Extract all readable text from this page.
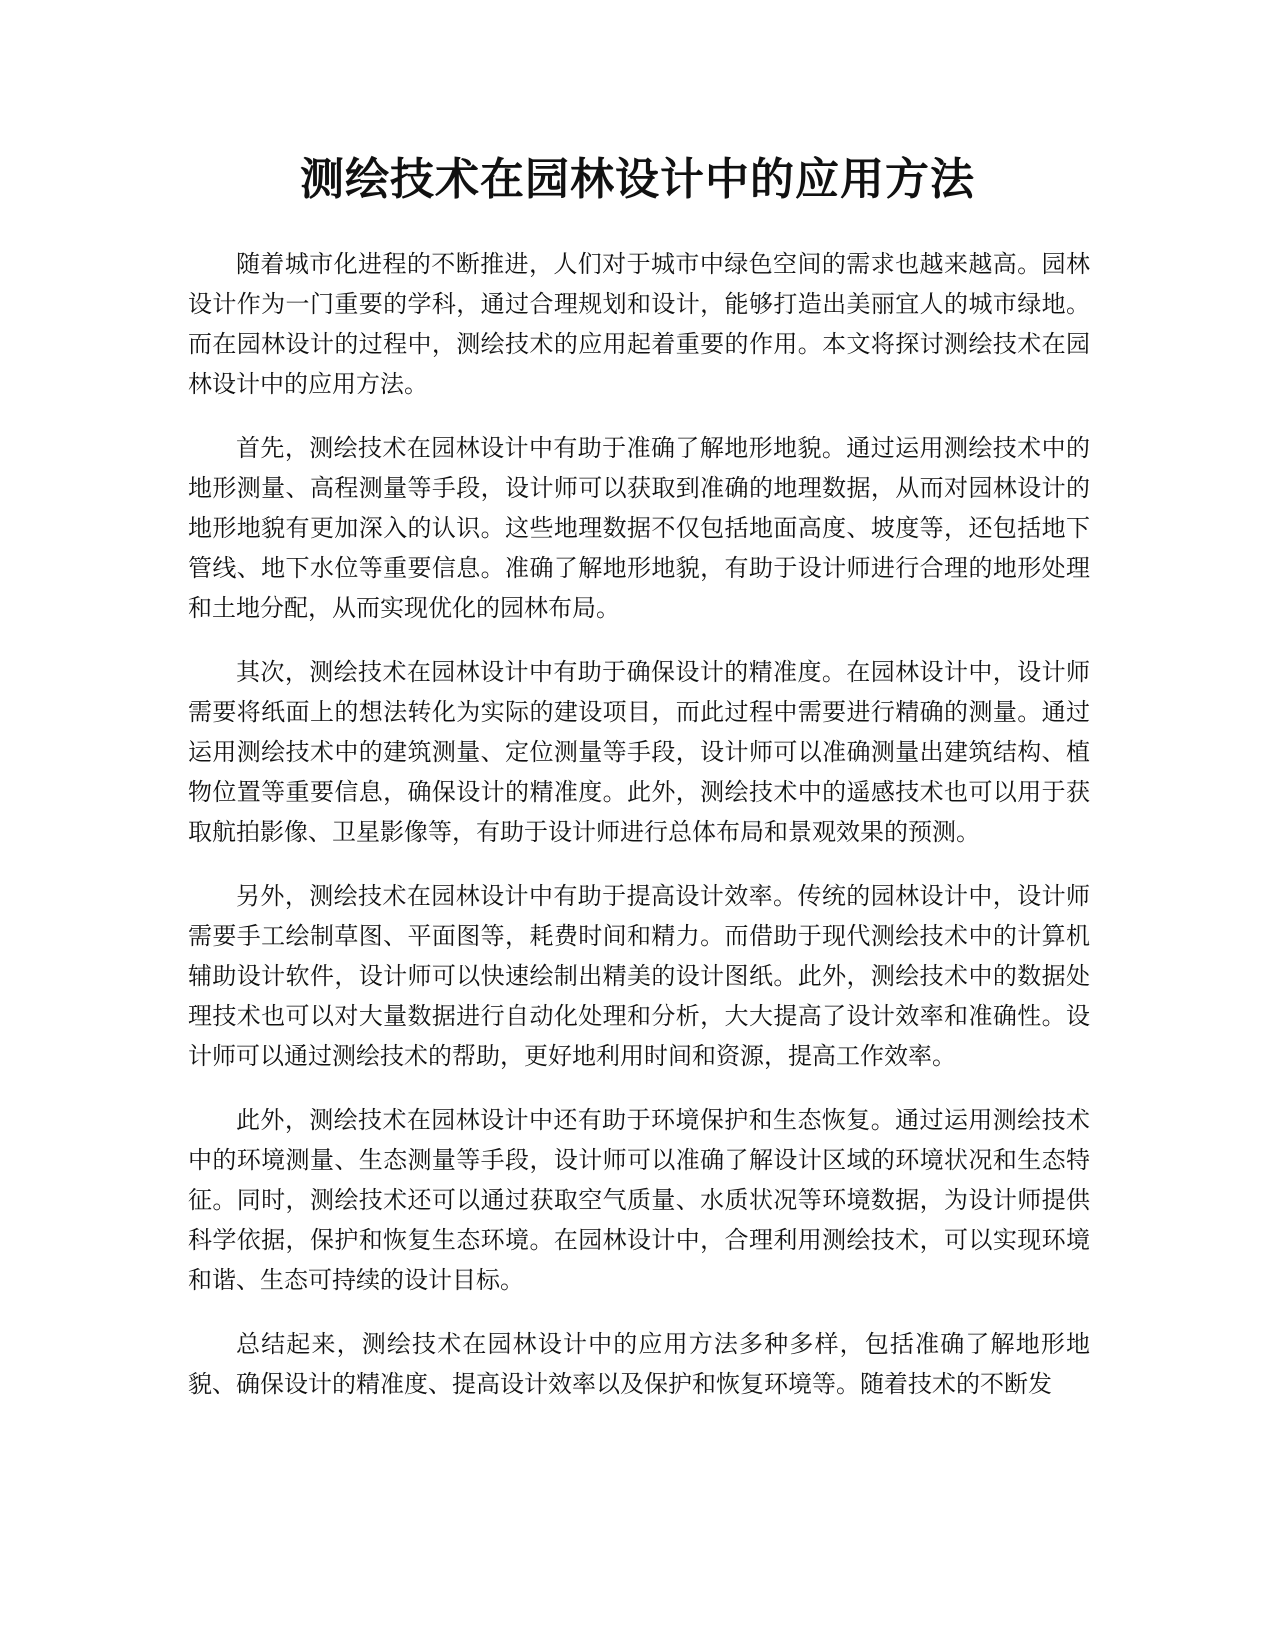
测绘技术在园林设计中的应用方法

随着城市化进程的不断推进，人们对于城市中绿色空间的需求也越来越高。园林设计作为一门重要的学科，通过合理规划和设计，能够打造出美丽宜人的城市绿地。而在园林设计的过程中，测绘技术的应用起着重要的作用。本文将探讨测绘技术在园林设计中的应用方法。

首先，测绘技术在园林设计中有助于准确了解地形地貌。通过运用测绘技术中的地形测量、高程测量等手段，设计师可以获取到准确的地理数据，从而对园林设计的地形地貌有更加深入的认识。这些地理数据不仅包括地面高度、坡度等，还包括地下管线、地下水位等重要信息。准确了解地形地貌，有助于设计师进行合理的地形处理和土地分配，从而实现优化的园林布局。

其次，测绘技术在园林设计中有助于确保设计的精准度。在园林设计中，设计师需要将纸面上的想法转化为实际的建设项目，而此过程中需要进行精确的测量。通过运用测绘技术中的建筑测量、定位测量等手段，设计师可以准确测量出建筑结构、植物位置等重要信息，确保设计的精准度。此外，测绘技术中的遥感技术也可以用于获取航拍影像、卫星影像等，有助于设计师进行总体布局和景观效果的预测。

另外，测绘技术在园林设计中有助于提高设计效率。传统的园林设计中，设计师需要手工绘制草图、平面图等，耗费时间和精力。而借助于现代测绘技术中的计算机辅助设计软件，设计师可以快速绘制出精美的设计图纸。此外，测绘技术中的数据处理技术也可以对大量数据进行自动化处理和分析，大大提高了设计效率和准确性。设计师可以通过测绘技术的帮助，更好地利用时间和资源，提高工作效率。

此外，测绘技术在园林设计中还有助于环境保护和生态恢复。通过运用测绘技术中的环境测量、生态测量等手段，设计师可以准确了解设计区域的环境状况和生态特征。同时，测绘技术还可以通过获取空气质量、水质状况等环境数据，为设计师提供科学依据，保护和恢复生态环境。在园林设计中，合理利用测绘技术，可以实现环境和谐、生态可持续的设计目标。

总结起来，测绘技术在园林设计中的应用方法多种多样，包括准确了解地形地貌、确保设计的精准度、提高设计效率以及保护和恢复环境等。随着技术的不断发
